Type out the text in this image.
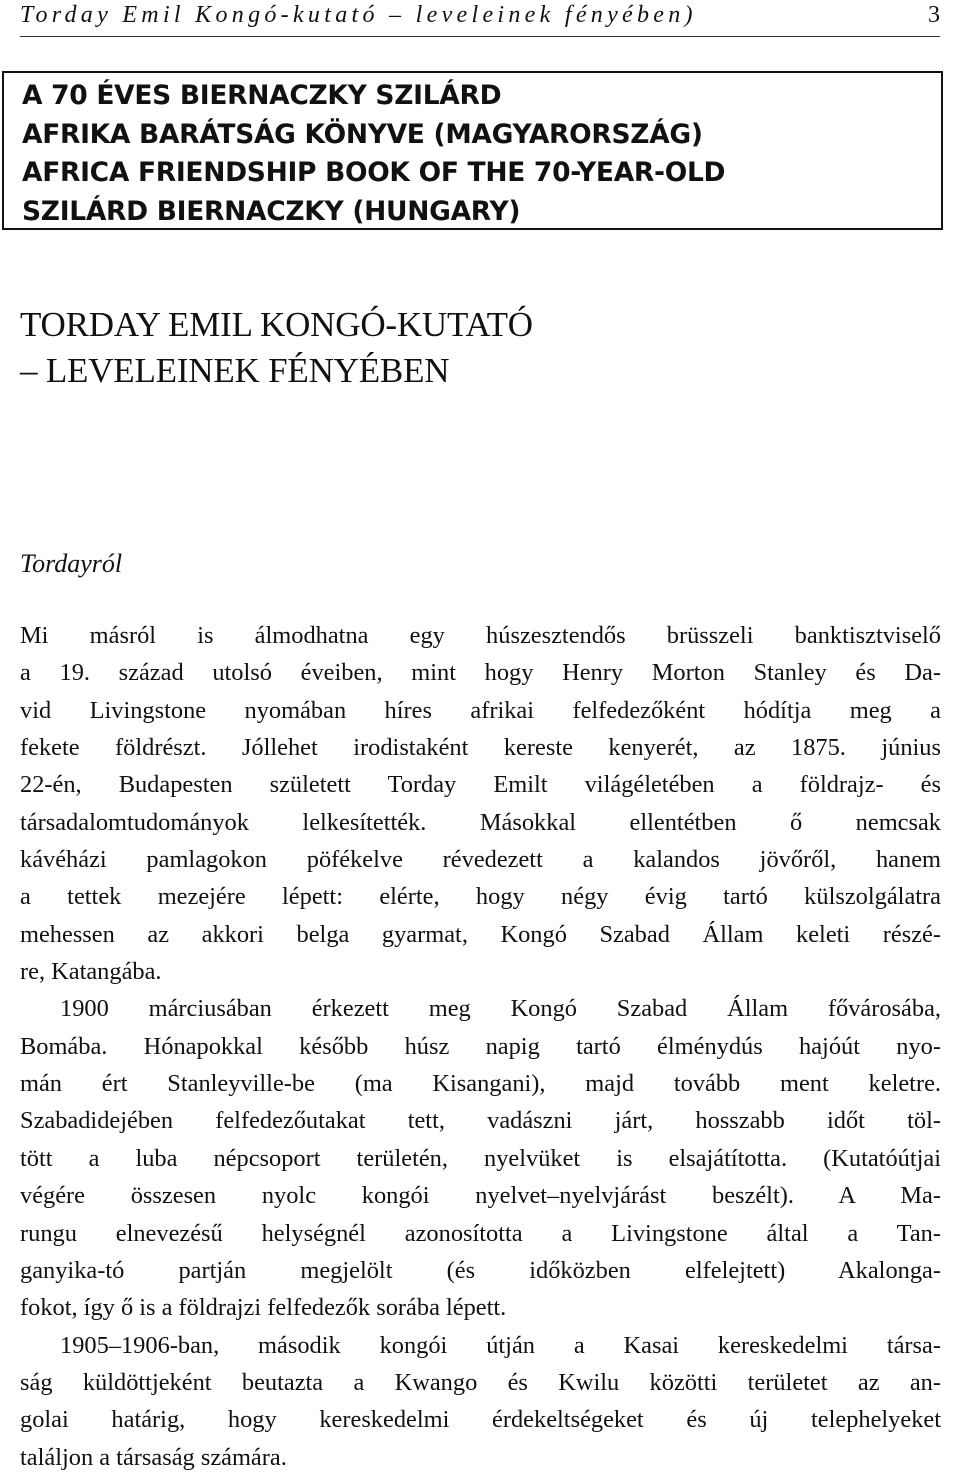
Torday Emil Kongó-kutató – leveleinek fényében)	3
A 70 ÉVES BIERNACZKY SZILÁRD
AFRIKA BARÁTSÁG KÖNYVE (MAGYARORSZÁG)
AFRICA FRIENDSHIP BOOK OF THE 70-YEAR-OLD
SZILÁRD BIERNACZKY (HUNGARY)
TORDAY EMIL KONGÓ-KUTATÓ
– LEVELEINEK FÉNYÉBEN
Tordayról

Mi másról is álmodhatna egy húszesztendős brüsszeli banktisztviselő
a 19. század utolsó éveiben, mint hogy Henry Morton Stanley és Da-
vid Livingstone nyomában híres afrikai felfedezőként hódítja meg a
fekete földrészt. Jóllehet irodistaként kereste kenyerét, az 1875. június
22-én, Budapesten született Torday Emilt világéletében a földrajz- és
társadalomtudományok lelkesítették. Másokkal ellentétben ő nemcsak
kávéházi pamlagokon pöfékelve révedezett a kalandos jövőről, hanem
a tettek mezejére lépett: elérte, hogy négy évig tartó külszolgálatra
mehessen az akkori belga gyarmat, Kongó Szabad Állam keleti részé-
re, Katangába.

1900 márciusában érkezett meg Kongó Szabad Állam fővárosába,
Bomába. Hónapokkal később húsz napig tartó élménydús hajóút nyo-
mán ért Stanleyville-be (ma Kisangani), majd tovább ment keletre.
Szabadidejében felfedezőutakat tett, vadászni járt, hosszabb időt töl-
tött a luba népcsoport területén, nyelvüket is elsajátította. (Kutatóútjai
végére összesen nyolc kongói nyelvet–nyelvjárást beszélt). A Ma-
rungu elnevezésű helységnél azonosította a Livingstone által a Tan-
ganyika-tó partján megjelölt (és időközben elfelejtett) Akalonga-
fokot, így ő is a földrajzi felfedezők sorába lépett.

1905–1906-ban, második kongói útján a Kasai kereskedelmi társa-
ság küldöttjeként beutazta a Kwango és Kwilu közötti területet az an-
golai határig, hogy kereskedelmi érdekeltségeket és új telephelyeket
találjon a társaság számára.
